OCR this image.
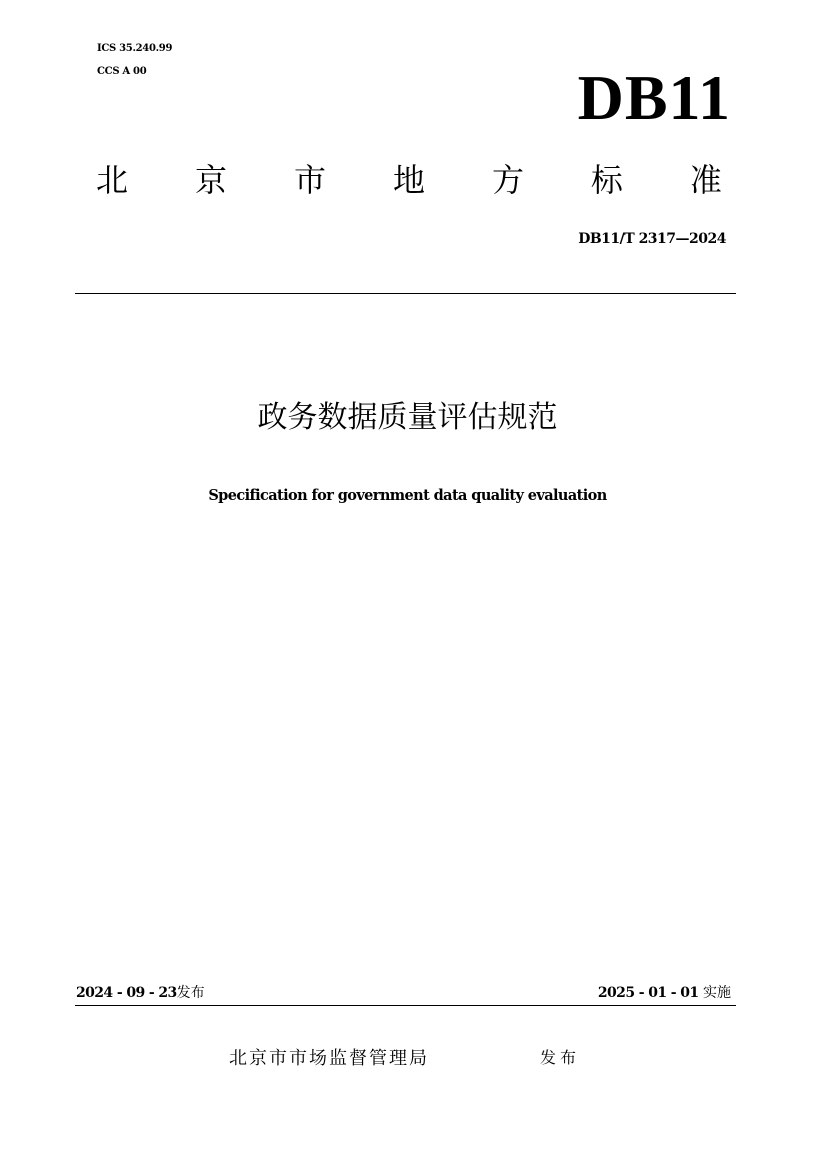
ICS 35.240.99
CCS A 00	DB11
北 京 市 地 方 标 准
DB11/T 2317—2024
政务数据质量评估规范
Specification for government data quality evaluation
2024 - 09 - 23发布	2025 - 01 - 01 实施
北京市市场监督管理局	发布
